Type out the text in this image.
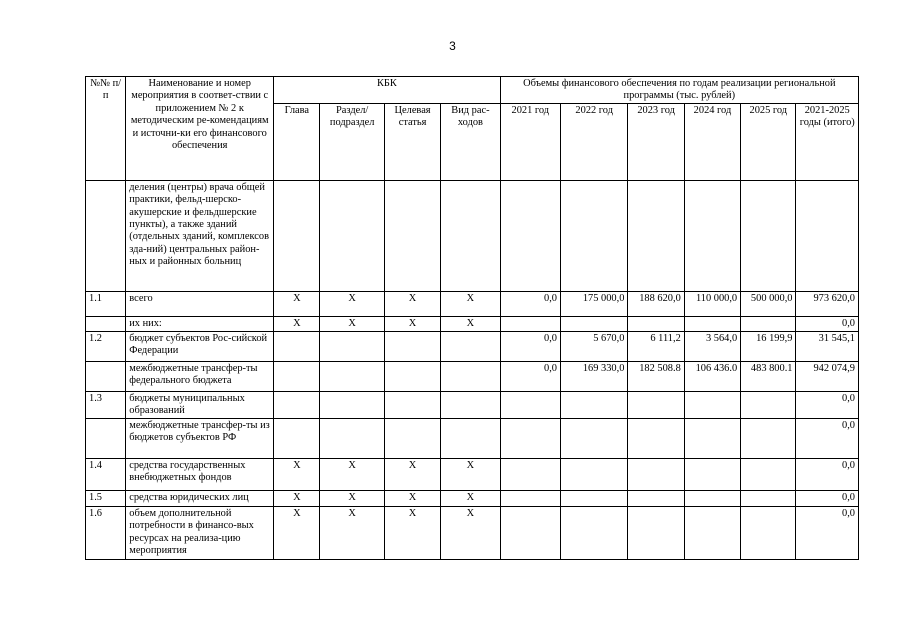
3
№№ п/п	Наименование и номер мероприятия в соответ-ствии с приложением № 2 к методическим ре-комендациям и источни-ки его финансового обеспечения	КБК				Объемы финансового обеспечения по годам реализации региональной программы (тыс. рублей)					
		Глава	Раздел/ подраздел	Целевая статья	Вид рас-ходов	2021 год	2022 год	2023 год	2024 год	2025 год	2021-2025 годы (итого)
	деления (центры) врача общей практики, фельд-шерско-акушерские и фельдшерские пункты), а также зданий (отдельных зданий, комплексов зда-ний) центральных район-ных и районных больниц										
1.1	всего	Х	Х	Х	Х	0,0	175 000,0	188 620,0	110 000,0	500 000,0	973 620,0
	их них:	Х	Х	Х	Х						0,0
1.2	бюджет субъектов Рос-сийской Федерации					0,0	5 670,0	6 111,2	3 564,0	16 199,9	31 545,1
	межбюджетные трансфер-ты федерального бюджета					0,0	169 330,0	182 508.8	106 436.0	483 800.1	942 074,9
1.3	бюджеты муниципальных образований										0,0
	межбюджетные трансфер-ты из бюджетов субъектов РФ										0,0
1.4	средства государственных внебюджетных фондов	Х	Х	Х	Х						0,0
1.5	средства юридических лиц	Х	Х	Х	Х						0,0
1.6	объем дополнительной потребности в финансо-вых ресурсах на реализа-цию мероприятия	Х	Х	Х	Х						0,0
